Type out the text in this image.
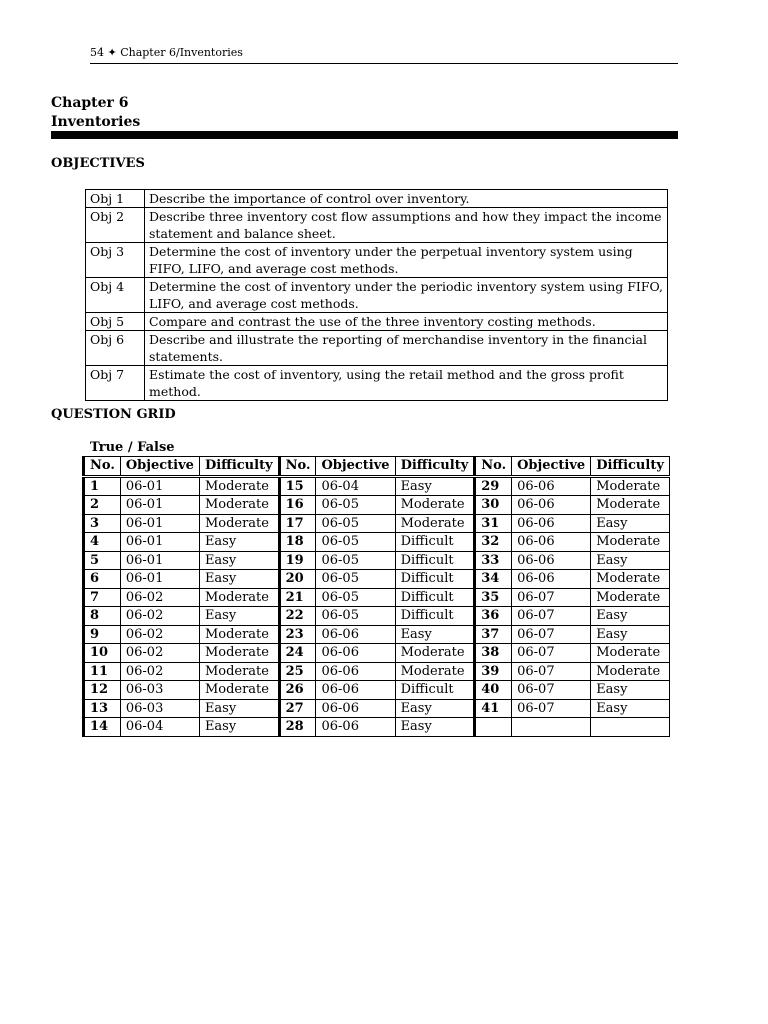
54 ✦ Chapter 6/Inventories
Chapter 6
Inventories
OBJECTIVES
Obj 1	Describe the importance of control over inventory.
Obj 2	Describe three inventory cost flow assumptions and how they impact the income statement and balance sheet.
Obj 3	Determine the cost of inventory under the perpetual inventory system using FIFO, LIFO, and average cost methods.
Obj 4	Determine the cost of inventory under the periodic inventory system using FIFO, LIFO, and average cost methods.
Obj 5	Compare and contrast the use of the three inventory costing methods.
Obj 6	Describe and illustrate the reporting of merchandise inventory in the financial statements.
Obj 7	Estimate the cost of inventory, using the retail method and the gross profit method.
QUESTION GRID
True / False
No.	Objective	Difficulty	No.	Objective	Difficulty	No.	Objective	Difficulty
1	06-01	Moderate	15	06-04	Easy	29	06-06	Moderate
2	06-01	Moderate	16	06-05	Moderate	30	06-06	Moderate
3	06-01	Moderate	17	06-05	Moderate	31	06-06	Easy
4	06-01	Easy	18	06-05	Difficult	32	06-06	Moderate
5	06-01	Easy	19	06-05	Difficult	33	06-06	Easy
6	06-01	Easy	20	06-05	Difficult	34	06-06	Moderate
7	06-02	Moderate	21	06-05	Difficult	35	06-07	Moderate
8	06-02	Easy	22	06-05	Difficult	36	06-07	Easy
9	06-02	Moderate	23	06-06	Easy	37	06-07	Easy
10	06-02	Moderate	24	06-06	Moderate	38	06-07	Moderate
11	06-02	Moderate	25	06-06	Moderate	39	06-07	Moderate
12	06-03	Moderate	26	06-06	Difficult	40	06-07	Easy
13	06-03	Easy	27	06-06	Easy	41	06-07	Easy
14	06-04	Easy	28	06-06	Easy			
